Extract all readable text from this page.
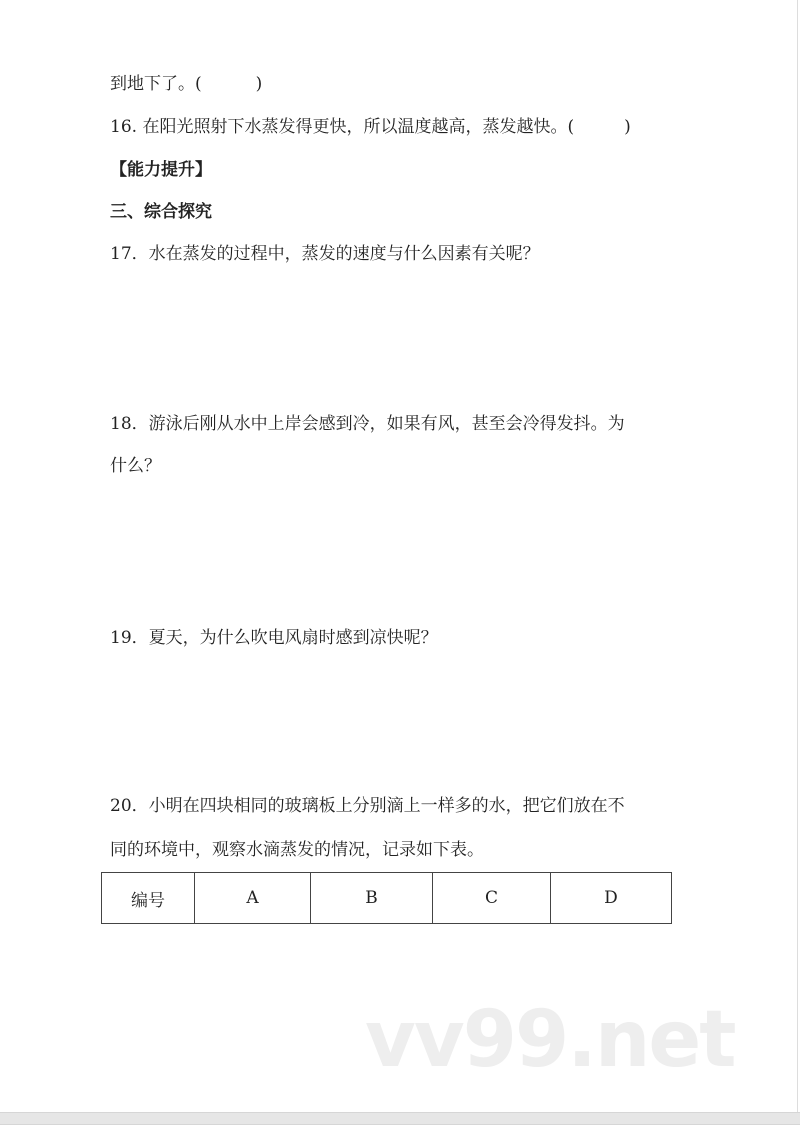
到地下了。(	)
16. 在阳光照射下水蒸发得更快，所以温度越高，蒸发越快。(	)
【能力提升】
三、综合探究
17．水在蒸发的过程中，蒸发的速度与什么因素有关呢？
18．游泳后刚从水中上岸会感到冷，如果有风，甚至会冷得发抖。为
什么？
19．夏天，为什么吹电风扇时感到凉快呢？
20．小明在四块相同的玻璃板上分别滴上一样多的水，把它们放在不
同的环境中，观察水滴蒸发的情况，记录如下表。
编号	A	B	C	D
vv99.net
